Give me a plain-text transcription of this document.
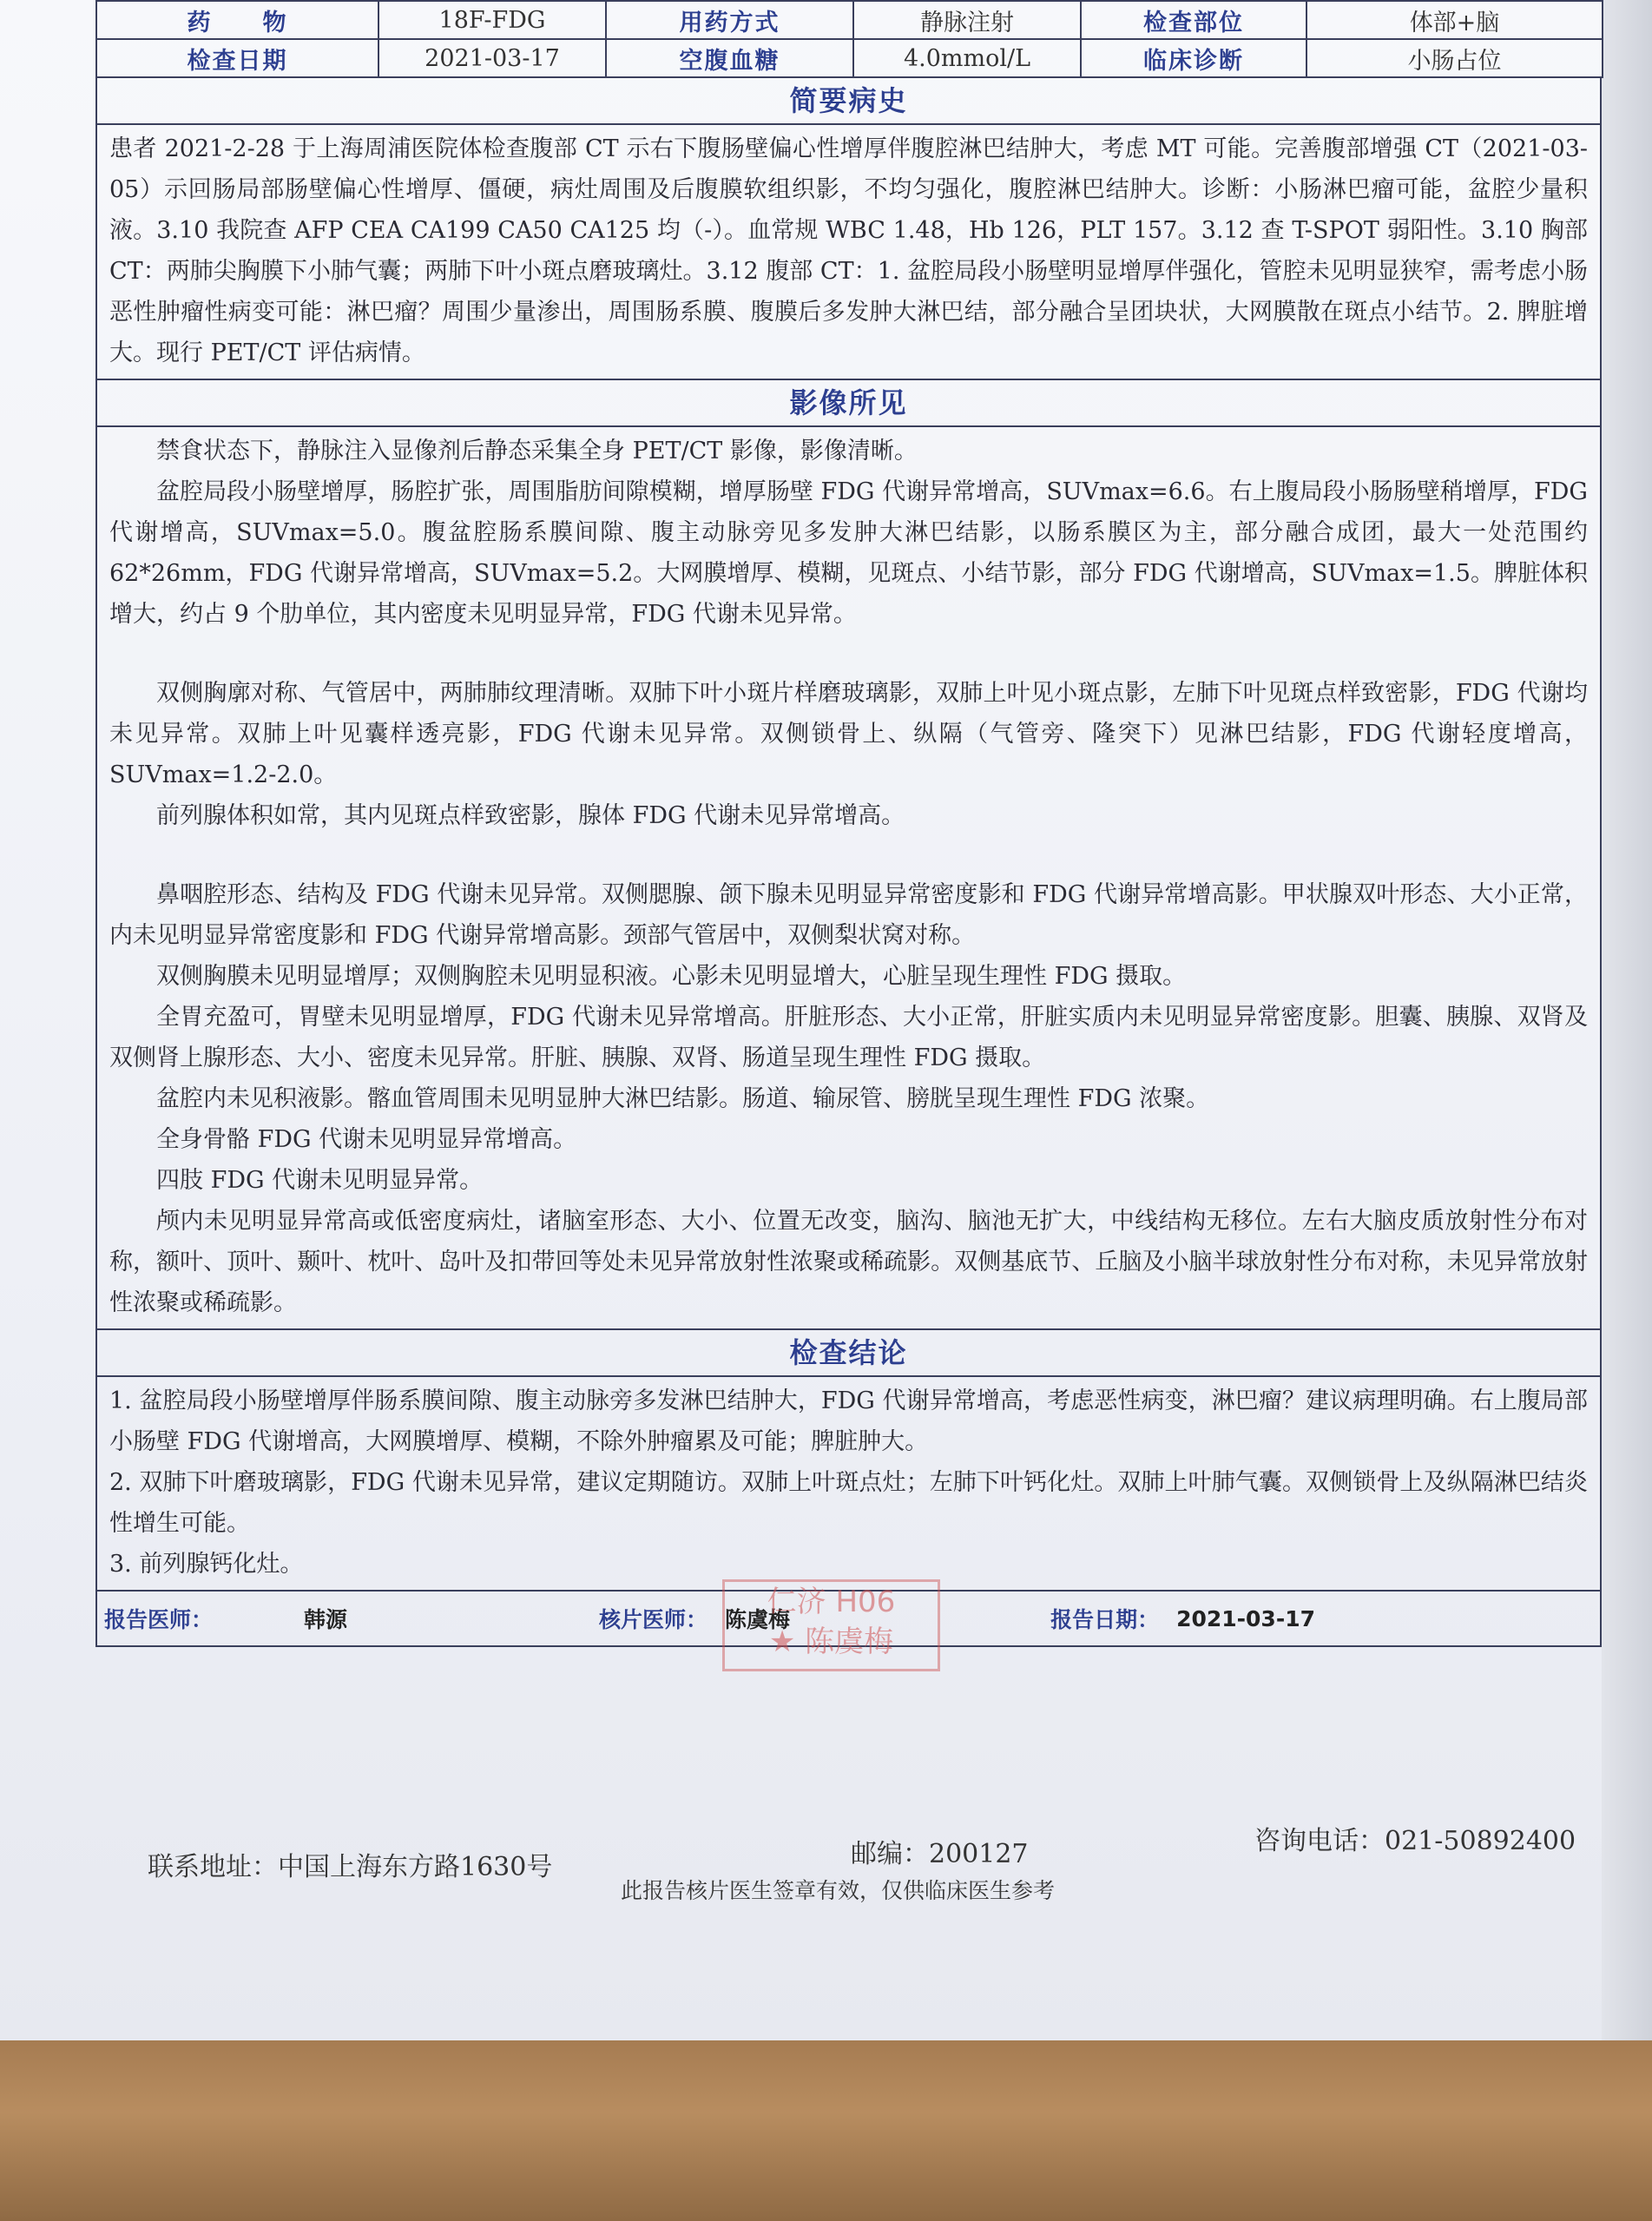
药　　物	18F-FDG	用药方式	静脉注射	检查部位	体部+脑
检查日期	2021-03-17	空腹血糖	4.0mmol/L	临床诊断	小肠占位
简要病史

患者 2021-2-28 于上海周浦医院体检查腹部 CT 示右下腹肠壁偏心性增厚伴腹腔淋巴结肿大，考虑 MT 可能。完善腹部增强 CT（2021-03-05）示回肠局部肠壁偏心性增厚、僵硬，病灶周围及后腹膜软组织影，不均匀强化，腹腔淋巴结肿大。诊断：小肠淋巴瘤可能，盆腔少量积液。3.10 我院查 AFP CEA CA199 CA50 CA125 均（-）。血常规 WBC 1.48，Hb 126，PLT 157。3.12 查 T-SPOT 弱阳性。3.10 胸部 CT：两肺尖胸膜下小肺气囊；两肺下叶小斑点磨玻璃灶。3.12 腹部 CT：1. 盆腔局段小肠壁明显增厚伴强化，管腔未见明显狭窄，需考虑小肠恶性肿瘤性病变可能：淋巴瘤？周围少量渗出，周围肠系膜、腹膜后多发肿大淋巴结，部分融合呈团块状，大网膜散在斑点小结节。2. 脾脏增大。现行 PET/CT 评估病情。

影像所见

禁食状态下，静脉注入显像剂后静态采集全身 PET/CT 影像，影像清晰。

盆腔局段小肠壁增厚，肠腔扩张，周围脂肪间隙模糊，增厚肠壁 FDG 代谢异常增高，SUVmax=6.6。右上腹局段小肠肠壁稍增厚，FDG 代谢增高，SUVmax=5.0。腹盆腔肠系膜间隙、腹主动脉旁见多发肿大淋巴结影，以肠系膜区为主，部分融合成团，最大一处范围约 62*26mm，FDG 代谢异常增高，SUVmax=5.2。大网膜增厚、模糊，见斑点、小结节影，部分 FDG 代谢增高，SUVmax=1.5。脾脏体积增大，约占 9 个肋单位，其内密度未见明显异常，FDG 代谢未见异常。

双侧胸廓对称、气管居中，两肺肺纹理清晰。双肺下叶小斑片样磨玻璃影，双肺上叶见小斑点影，左肺下叶见斑点样致密影，FDG 代谢均未见异常。双肺上叶见囊样透亮影，FDG 代谢未见异常。双侧锁骨上、纵隔（气管旁、隆突下）见淋巴结影，FDG 代谢轻度增高，SUVmax=1.2-2.0。

前列腺体积如常，其内见斑点样致密影，腺体 FDG 代谢未见异常增高。

鼻咽腔形态、结构及 FDG 代谢未见异常。双侧腮腺、颌下腺未见明显异常密度影和 FDG 代谢异常增高影。甲状腺双叶形态、大小正常，内未见明显异常密度影和 FDG 代谢异常增高影。颈部气管居中，双侧梨状窝对称。

双侧胸膜未见明显增厚；双侧胸腔未见明显积液。心影未见明显增大，心脏呈现生理性 FDG 摄取。

全胃充盈可，胃壁未见明显增厚，FDG 代谢未见异常增高。肝脏形态、大小正常，肝脏实质内未见明显异常密度影。胆囊、胰腺、双肾及双侧肾上腺形态、大小、密度未见异常。肝脏、胰腺、双肾、肠道呈现生理性 FDG 摄取。

盆腔内未见积液影。髂血管周围未见明显肿大淋巴结影。肠道、输尿管、膀胱呈现生理性 FDG 浓聚。

全身骨骼 FDG 代谢未见明显异常增高。

四肢 FDG 代谢未见明显异常。

颅内未见明显异常高或低密度病灶，诸脑室形态、大小、位置无改变，脑沟、脑池无扩大，中线结构无移位。左右大脑皮质放射性分布对称，额叶、顶叶、颞叶、枕叶、岛叶及扣带回等处未见异常放射性浓聚或稀疏影。双侧基底节、丘脑及小脑半球放射性分布对称，未见异常放射性浓聚或稀疏影。

检查结论

1. 盆腔局段小肠壁增厚伴肠系膜间隙、腹主动脉旁多发淋巴结肿大，FDG 代谢异常增高，考虑恶性病变，淋巴瘤？建议病理明确。右上腹局部小肠壁 FDG 代谢增高，大网膜增厚、模糊，不除外肿瘤累及可能；脾脏肿大。

2. 双肺下叶磨玻璃影，FDG 代谢未见异常，建议定期随访。双肺上叶斑点灶；左肺下叶钙化灶。双肺上叶肺气囊。双侧锁骨上及纵隔淋巴结炎性增生可能。

3. 前列腺钙化灶。

报告医师：	韩源	核片医师： 陈虞梅	报告日期： 2021-03-17
仁济 H06
★ 陈虞梅
联系地址：中国上海东方路1630号	邮编：200127	咨询电话：021-50892400
此报告核片医生签章有效，仅供临床医生参考
